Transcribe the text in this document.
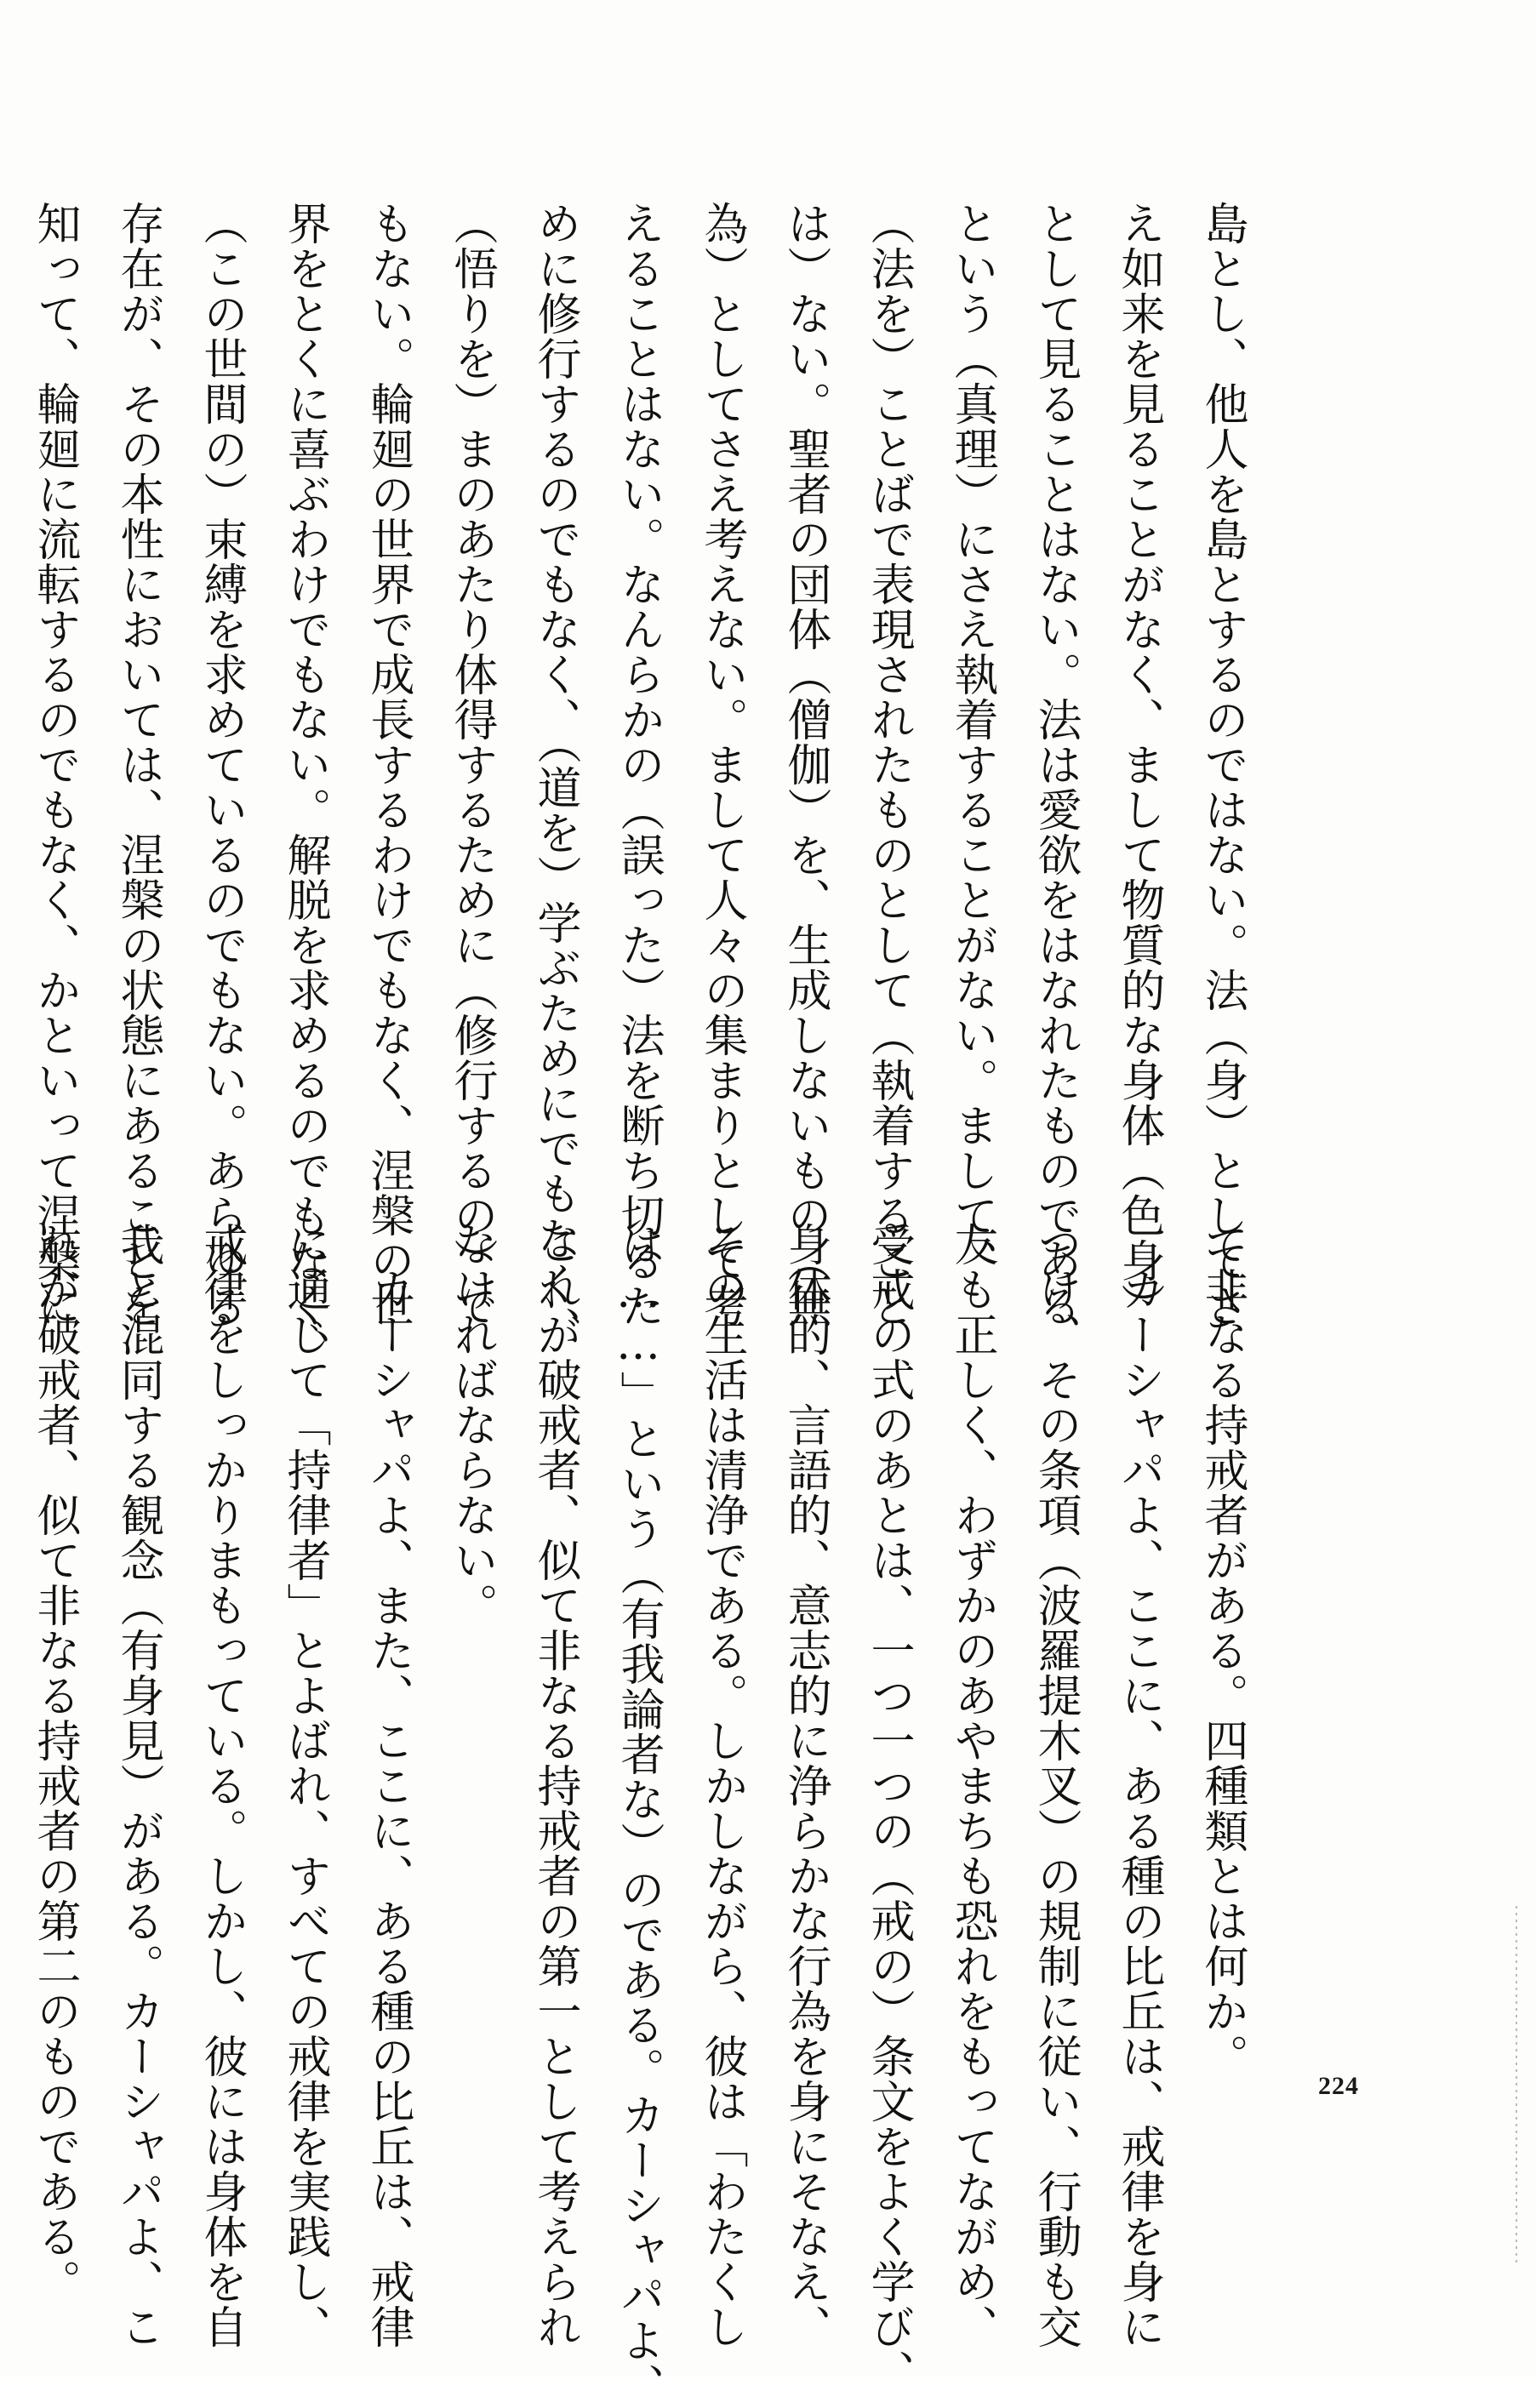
島とし、他人を島とするのではない。法（身）としてさ
え如来を見ることがなく、まして物質的な身体（色身）
として見ることはない。法は愛欲をはなれたものである
という（真理）にさえ執着することがない。まして、
（法を）ことばで表現されたものとして（執着すること
は）ない。聖者の団体（僧伽）を、生成しないもの（無
為）としてさえ考えない。まして人々の集まりとして考
えることはない。なんらかの（誤った）法を断ち切るた
めに修行するのでもなく、（道を）学ぶためにでもなく、
（悟りを）まのあたり体得するために（修行するの）で
もない。輪廻の世界で成長するわけでもなく、涅槃の世
界をとくに喜ぶわけでもない。解脱を求めるのでもなく、
（この世間の）束縛を求めているのでもない。あらゆる
存在が、その本性においては、涅槃の状態にあることを
知って、輪廻に流転するのでもなく、かといって涅槃に
て非なる持戒者がある。四種類とは何か。
　カーシャパよ、ここに、ある種の比丘は、戒律を身に
つけ、その条項（波羅提木叉）の規制に従い、行動も交
友も正しく、わずかのあやまちも恐れをもってながめ、
受戒の式のあとは、一つ一つの（戒の）条文をよく学び、
身体的、言語的、意志的に浄らかな行為を身にそなえ、
その生活は清浄である。しかしながら、彼は「わたくし
は……」という（有我論者な）のである。カーシャパよ、
これが破戒者、似て非なる持戒者の第一として考えられ
なければならない。
　カーシャパよ、また、ここに、ある種の比丘は、戒律
に通じて「持律者」とよばれ、すべての戒律を実践し、
戒律をしっかりまもっている。しかし、彼には身体を自
我と混同する観念（有身見）がある。カーシャパよ、こ
れが破戒者、似て非なる持戒者の第二のものである。	224
